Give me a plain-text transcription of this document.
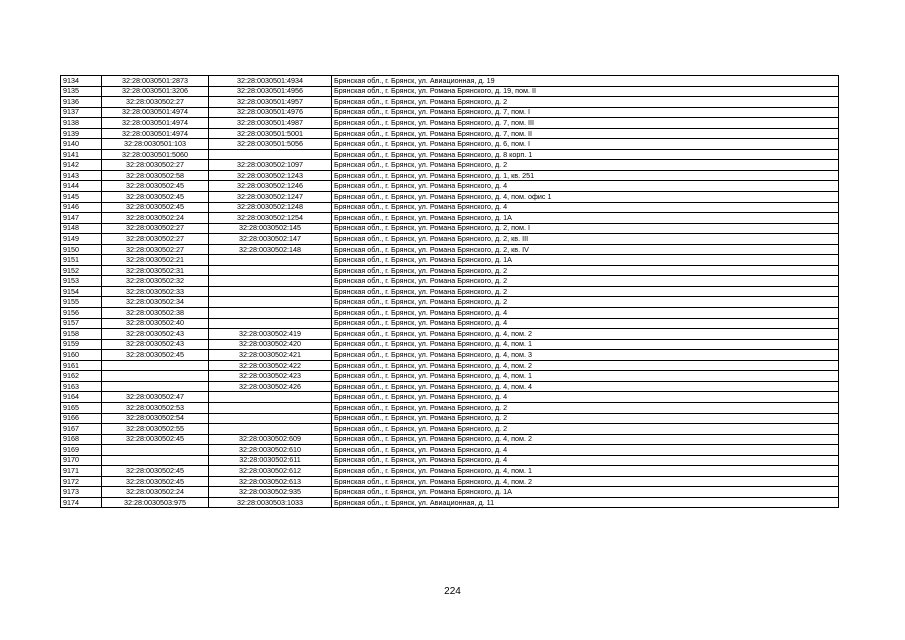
9134	32:28:0030501:2873	32:28:0030501:4934	Брянская обл., г. Брянск, ул. Авиационная, д. 19
9135	32:28:0030501:3206	32:28:0030501:4956	Брянская обл., г. Брянск, ул. Романа Брянского, д. 19, пом. II
9136	32:28:0030502:27	32:28:0030501:4957	Брянская обл., г. Брянск, ул. Романа Брянского, д. 2
9137	32:28:0030501:4974	32:28:0030501:4976	Брянская обл., г. Брянск, ул. Романа Брянского, д. 7, пом. I
9138	32:28:0030501:4974	32:28:0030501:4987	Брянская обл., г. Брянск, ул. Романа Брянского, д. 7, пом. III
9139	32:28:0030501:4974	32:28:0030501:5001	Брянская обл., г. Брянск, ул. Романа Брянского, д. 7, пом. II
9140	32:28:0030501:103	32:28:0030501:5056	Брянская обл., г. Брянск, ул. Романа Брянского, д. 6, пом. I
9141	32:28:0030501:5060		Брянская обл., г. Брянск, ул. Романа Брянского, д. 8 корп. 1
9142	32:28:0030502:27	32:28:0030502:1097	Брянская обл., г. Брянск, ул. Романа Брянского, д. 2
9143	32:28:0030502:58	32:28:0030502:1243	Брянская обл., г. Брянск, ул. Романа Брянского, д. 1, кв. 251
9144	32:28:0030502:45	32:28:0030502:1246	Брянская обл., г. Брянск, ул. Романа Брянского, д. 4
9145	32:28:0030502:45	32:28:0030502:1247	Брянская обл., г. Брянск, ул. Романа Брянского, д. 4, пом. офис 1
9146	32:28:0030502:45	32:28:0030502:1248	Брянская обл., г. Брянск, ул. Романа Брянского, д. 4
9147	32:28:0030502:24	32:28:0030502:1254	Брянская обл., г. Брянск, ул. Романа Брянского, д. 1А
9148	32:28:0030502:27	32:28:0030502:145	Брянская обл., г. Брянск, ул. Романа Брянского, д. 2, пом. I
9149	32:28:0030502:27	32:28:0030502:147	Брянская обл., г. Брянск, ул. Романа Брянского, д. 2, кв. III
9150	32:28:0030502:27	32:28:0030502:148	Брянская обл., г. Брянск, ул. Романа Брянского, д. 2, кв. IV
9151	32:28:0030502:21		Брянская обл., г. Брянск, ул. Романа Брянского, д. 1А
9152	32:28:0030502:31		Брянская обл., г. Брянск, ул. Романа Брянского, д. 2
9153	32:28:0030502:32		Брянская обл., г. Брянск, ул. Романа Брянского, д. 2
9154	32:28:0030502:33		Брянская обл., г. Брянск, ул. Романа Брянского, д. 2
9155	32:28:0030502:34		Брянская обл., г. Брянск, ул. Романа Брянского, д. 2
9156	32:28:0030502:38		Брянская обл., г. Брянск, ул. Романа Брянского, д. 4
9157	32:28:0030502:40		Брянская обл., г. Брянск, ул. Романа Брянского, д. 4
9158	32:28:0030502:43	32:28:0030502:419	Брянская обл., г. Брянск, ул. Романа Брянского, д. 4, пом. 2
9159	32:28:0030502:43	32:28:0030502:420	Брянская обл., г. Брянск, ул. Романа Брянского, д. 4, пом. 1
9160	32:28:0030502:45	32:28:0030502:421	Брянская обл., г. Брянск, ул. Романа Брянского, д. 4, пом. 3
9161		32:28:0030502:422	Брянская обл., г. Брянск, ул. Романа Брянского, д. 4, пом. 2
9162		32:28:0030502:423	Брянская обл., г. Брянск, ул. Романа Брянского, д. 4, пом. 1
9163		32:28:0030502:426	Брянская обл., г. Брянск, ул. Романа Брянского, д. 4, пом. 4
9164	32:28:0030502:47		Брянская обл., г. Брянск, ул. Романа Брянского, д. 4
9165	32:28:0030502:53		Брянская обл., г. Брянск, ул. Романа Брянского, д. 2
9166	32:28:0030502:54		Брянская обл., г. Брянск, ул. Романа Брянского, д. 2
9167	32:28:0030502:55		Брянская обл., г. Брянск, ул. Романа Брянского, д. 2
9168	32:28:0030502:45	32:28:0030502:609	Брянская обл., г. Брянск, ул. Романа Брянского, д. 4, пом. 2
9169		32:28:0030502:610	Брянская обл., г. Брянск, ул. Романа Брянского, д. 4
9170		32:28:0030502:611	Брянская обл., г. Брянск, ул. Романа Брянского, д. 4
9171	32:28:0030502:45	32:28:0030502:612	Брянская обл., г. Брянск, ул. Романа Брянского, д. 4, пом. 1
9172	32:28:0030502:45	32:28:0030502:613	Брянская обл., г. Брянск, ул. Романа Брянского, д. 4, пом. 2
9173	32:28:0030502:24	32:28:0030502:935	Брянская обл., г. Брянск, ул. Романа Брянского, д. 1А
9174	32:28:0030503:975	32:28:0030503:1033	Брянская обл., г. Брянск, ул. Авиационная, д. 11
224
